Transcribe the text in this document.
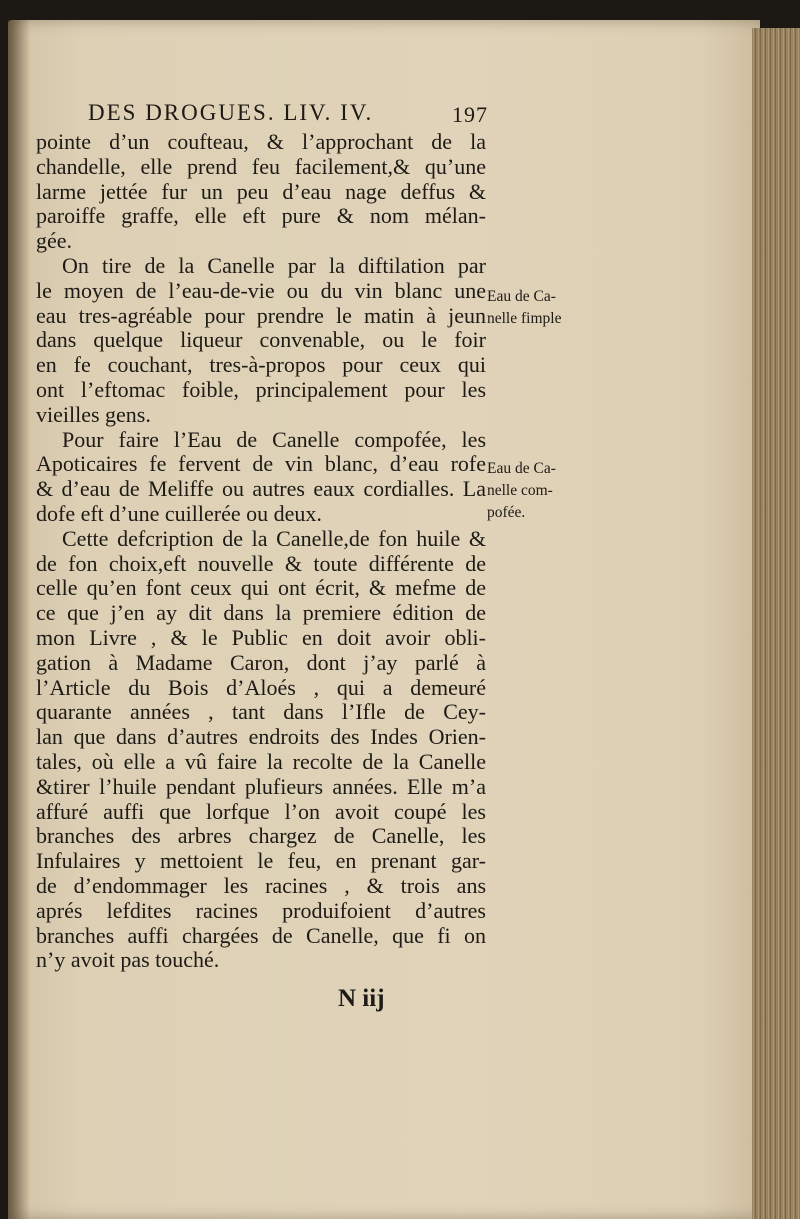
DES DROGUES. LIV. IV.	197
pointe d’un coufteau, & l’approchant de la
chandelle, elle prend feu facilement,& qu’une
larme jettée fur un peu d’eau nage deffus &
paroiffe graffe, elle eft pure & nom mélan-
gée.
On tire de la Canelle par la diftilation par
le moyen de l’eau-de-vie ou du vin blanc une
eau tres-agréable pour prendre le matin à jeun
dans quelque liqueur convenable, ou le foir
en fe couchant, tres-à-propos pour ceux qui
ont l’eftomac foible, principalement pour les
vieilles gens.
Pour faire l’Eau de Canelle compofée, les
Apoticaires fe fervent de vin blanc, d’eau rofe
& d’eau de Meliffe ou autres eaux cordialles. La
dofe eft d’une cuillerée ou deux.
Cette defcription de la Canelle,de fon huile &
de fon choix,eft nouvelle & toute différente de
celle qu’en font ceux qui ont écrit, & mefme de
ce que j’en ay dit dans la premiere édition de
mon Livre , & le Public en doit avoir obli-
gation à Madame Caron, dont j’ay parlé à
l’Article du Bois d’Aloés , qui a demeuré
quarante années , tant dans l’Ifle de Cey-
lan que dans d’autres endroits des Indes Orien-
tales, où elle a vû faire la recolte de la Canelle
&tirer l’huile pendant plufieurs années. Elle m’a
affuré auffi que lorfque l’on avoit coupé les
branches des arbres chargez de Canelle, les
Infulaires y mettoient le feu, en prenant gar-
de d’endommager les racines , & trois ans
aprés lefdites racines produifoient d’autres
branches auffi chargées de Canelle, que fi on
n’y avoit pas touché.
Eau de Ca-
nelle fimple
Eau de Ca-
nelle com-
pofée.
N iij
